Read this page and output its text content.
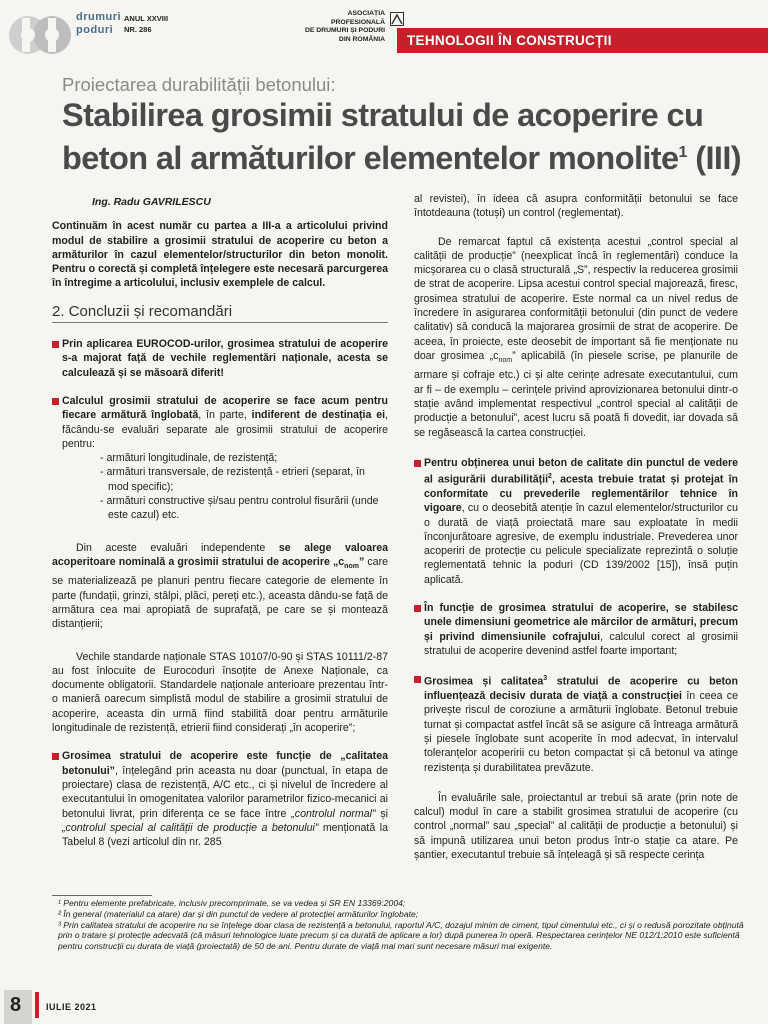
drumuri
poduri
ANUL XXVIII
NR. 286
ASOCIAȚIA
PROFESIONALĂ
DE DRUMURI ȘI PODURI
DIN ROMÂNIA TEHNOLOGII ÎN CONSTRUCȚII
Proiectarea durabilității betonului:
Stabilirea grosimii stratului de acoperire cu
beton al armăturilor elementelor monolite$^1$ (III)
Ing. Radu GAVRILESCU

Continuăm în acest număr cu partea a III-a a articolului privind modul de stabilire a grosimii stratului de acoperire cu beton a armăturilor în cazul elementelor/structurilor din beton monolit. Pentru o corectă și completă înțelegere este necesară parcurgerea în întregime a articolului, inclusiv exemplele de calcul.

2. Concluzii și recomandări

Prin aplicarea EUROCOD-urilor, grosimea stratului de acoperire s-a majorat față de vechile reglementări naționale, acesta se calculează și se măsoară diferit!

Calculul grosimii stratului de acoperire se face acum pentru fiecare armătură înglobată, în parte, indiferent de destinația ei, făcându-se evaluări separate ale grosimii stratului de acoperire pentru:

- armături longitudinale, de rezistență;
- armături transversale, de rezistență - etrieri (separat, în mod specific);
- armături constructive și/sau pentru controlul fisurării (unde este cazul) etc.

Din aceste evaluări independente se alege valoarea acoperitoare nominală a grosimii stratului de acoperire $„c_{nom}$” care se materializează pe planuri pentru fiecare categorie de elemente în parte (fundații, grinzi, stâlpi, plăci, pereți etc.), aceasta dându-se față de armătura cea mai apropiată de suprafață, pe care se și montează distanțierii;

Vechile standarde naționale STAS 10107/0-90 și STAS 10111/2-87 au fost înlocuite de Eurocoduri însoțite de Anexe Naționale, ca documente obligatorii. Standardele naționale anterioare prezentau într-o manieră oarecum simplistă modul de stabilire a grosimii stratului de acoperire, aceasta din urmă fiind stabilită doar pentru armăturile longitudinale de rezistență, etrierii fiind considerați „în acoperire”;

Grosimea stratului de acoperire este funcție de „calitatea betonului”, înțelegând prin aceasta nu doar (punctual, în etapa de proiectare) clasa de rezistență, A/C etc., ci și nivelul de încredere al executantului în omogenitatea valorilor parametrilor fizico-mecanici ai betonului livrat, prin diferența ce se face între „controlul normal” și „controlul special al calității de producție a betonului” menționată la Tabelul 8 (vezi articolul din nr. 285

al revistei), în ideea că asupra conformității betonului se face întotdeauna (totuși) un control (reglementat).

De remarcat faptul că existența acestui „control special al calității de producție” (neexplicat încă în reglementări) conduce la micșorarea cu o clasă structurală „S”, respectiv la reducerea grosimii de strat de acoperire. Lipsa acestui control special majorează, firesc, grosimea stratului de acoperire. Este normal ca un nivel redus de încredere în asigurarea conformității betonului (din punct de vedere calitativ) să conducă la majorarea grosimii de strat de acoperire. De aceea, în proiecte, este deosebit de important să fie menționate nu doar grosimea $„c_{nom}$” aplicabilă (în piesele scrise, pe planurile de armare și cofraje etc.) ci și alte cerințe adresate executantului, cum ar fi – de exemplu – cerințele privind aprovizionarea betonului dintr-o stație având implementat respectivul „control special al calității de producție a betonului”, acest lucru să poată fi dovedit, iar dovada să se regăsească la cartea construcției.

Pentru obținerea unui beton de calitate din punctul de vedere al asigurării durabilității$^2$, acesta trebuie tratat și protejat în conformitate cu prevederile reglementărilor tehnice în vigoare, cu o deosebită atenție în cazul elementelor/structurilor cu o durată de viață proiectată mare sau exploatate în medii înconjurătoare agresive, de exemplu industriale. Prevederea unor acoperiri de protecție cu pelicule specializate reprezintă o soluție reglementată tehnic la poduri (CD 139/2002 [15]), însă puțin aplicată.

În funcție de grosimea stratului de acoperire, se stabilesc unele dimensiuni geometrice ale mărcilor de armături, precum și privind dimensiunile cofrajului, calculul corect al grosimii stratului de acoperire devenind astfel foarte important;

Grosimea și calitatea$^3$ stratului de acoperire cu beton influențează decisiv durata de viață a construcției în ceea ce privește riscul de coroziune a armăturii înglobate. Betonul trebuie turnat și compactat astfel încât să se asigure că întreaga armătură și piesele înglobate sunt acoperite în mod adecvat, în intervalul toleranțelor acoperirii cu beton compactat și că betonul va atinge rezistența și durabilitatea prevăzute.

În evaluările sale, proiectantul ar trebui să arate (prin note de calcul) modul în care a stabilit grosimea stratului de acoperire (cu control „normal” sau „special” al calității de producție a betonului) și să impună utilizarea unui beton produs într-o stație ca atare. Pe șantier, executantul trebuie să înțeleagă și să respecte cerința

¹ Pentru elemente prefabricate, inclusiv precomprimate, se va vedea și SR EN 13369:2004;
² În general (materialul ca atare) dar și din punctul de vedere al protecției armăturilor înglobate;
³ Prin calitatea stratului de acoperire nu se înțelege doar clasa de rezistență a betonului, raportul A/C, dozajul minim de ciment, tipul cimentului etc., ci și o redusă porozitate obținută prin o tratare și protecție adecvată (că măsuri tehnologice luate precum și ca durată de aplicare a lor) după punerea în operă. Respectarea cerințelor NE 012/1:2010 este suficientă pentru construcții cu durata de viață (proiectată) de 50 de ani. Pentru durate de viață mai mari sunt necesare măsuri mai exigente.
8	IULIE 2021
